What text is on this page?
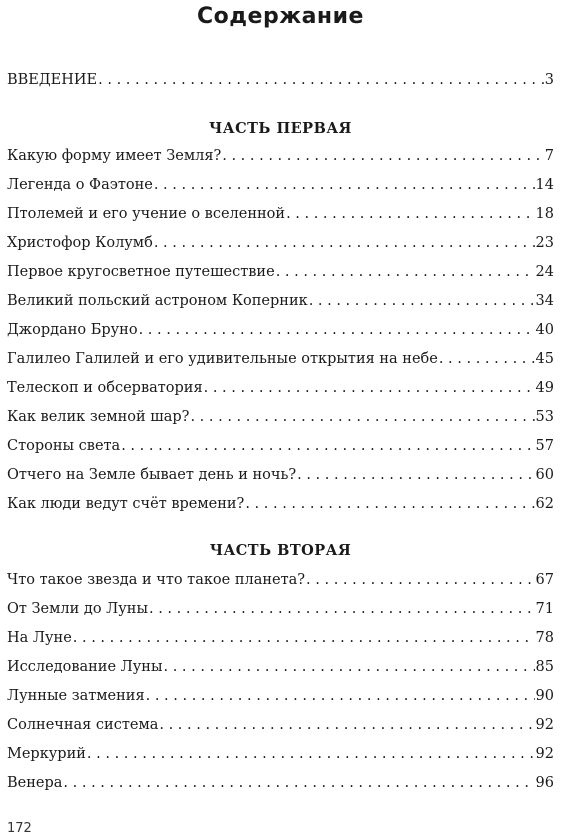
Содержание
ВВЕДЕНИЕ . . .	3
ЧАСТЬ ПЕРВАЯ
Какую форму имеет Земля? . . .	7
Легенда о Фаэтоне . . .	14
Птолемей и его учение о вселенной . . .	18
Христофор Колумб . . .	23
Первое кругосветное путешествие . . .	24
Великий польский астроном Коперник . . .	34
Джордано Бруно . . .	40
Галилео Галилей и его удивительные открытия на небе . . .	45
Телескоп и обсерватория . . .	49
Как велик земной шар? . . .	53
Стороны света . . .	57
Отчего на Земле бывает день и ночь? . . .	60
Как люди ведут счёт времени? . . .	62
ЧАСТЬ ВТОРАЯ
Что такое звезда и что такое планета? . . .	67
От Земли до Луны . . .	71
На Луне . . .	78
Исследование Луны . . .	85
Лунные затмения . . .	90
Солнечная система . . .	92
Меркурий . . .	92
Венера . . .	96
172
